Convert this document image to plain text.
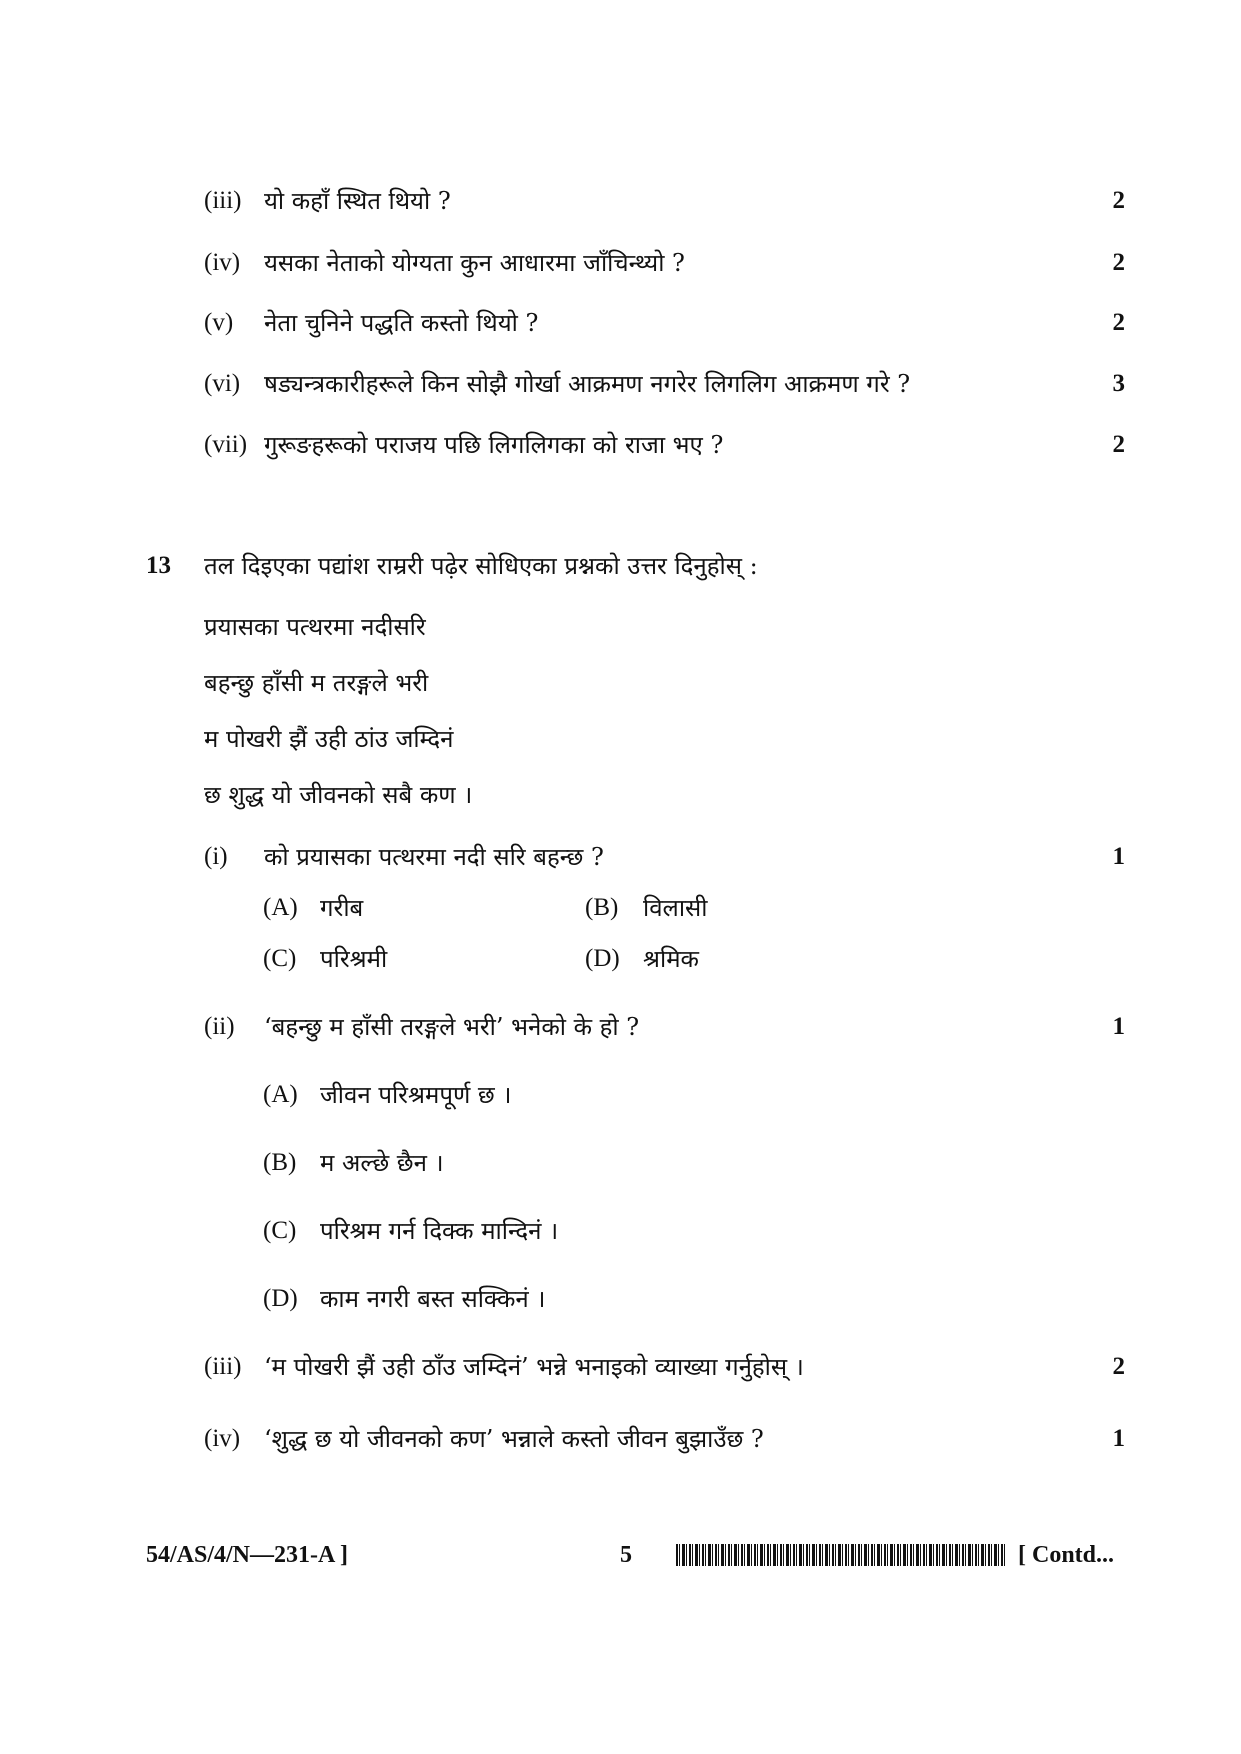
(iii) यो कहाँ स्थित थियो ?	2
(iv) यसका नेताको योग्यता कुन आधारमा जाँचिन्थ्यो ?	2
(v) नेता चुनिने पद्धति कस्तो थियो ?	2
(vi) षड्यन्त्रकारीहरूले किन सोझै गोर्खा आक्रमण नगरेर लिगलिग आक्रमण गरे ?	3
(vii) गुरूङहरूको पराजय पछि लिगलिगका को राजा भए ?	2
13 तल दिइएका पद्यांश राम्ररी पढ़ेर सोधिएका प्रश्नको उत्तर दिनुहोस् :
प्रयासका पत्थरमा नदीसरि
बहन्छु हाँसी म तरङ्गले भरी
म पोखरी झैं उही ठांउ जम्दिनं
छ शुद्ध यो जीवनको सबै कण ।
(i) को प्रयासका पत्थरमा नदी सरि बहन्छ ?	1
(A) गरीब	(B) विलासी
(C) परिश्रमी	(D) श्रमिक
(ii) ‘बहन्छु म हाँसी तरङ्गले भरी’ भनेको के हो ?	1
(A) जीवन परिश्रमपूर्ण छ ।
(B) म अल्छे छैन ।
(C) परिश्रम गर्न दिक्क मान्दिनं ।
(D) काम नगरी बस्त सक्किनं ।
(iii) ‘म पोखरी झैं उही ठाँउ जम्दिनं’ भन्ने भनाइको व्याख्या गर्नुहोस् ।	2
(iv) ‘शुद्ध छ यो जीवनको कण’ भन्नाले कस्तो जीवन बुझाउँछ ?	1
54/AS/4/N—231-A ]	5	[ Contd...
